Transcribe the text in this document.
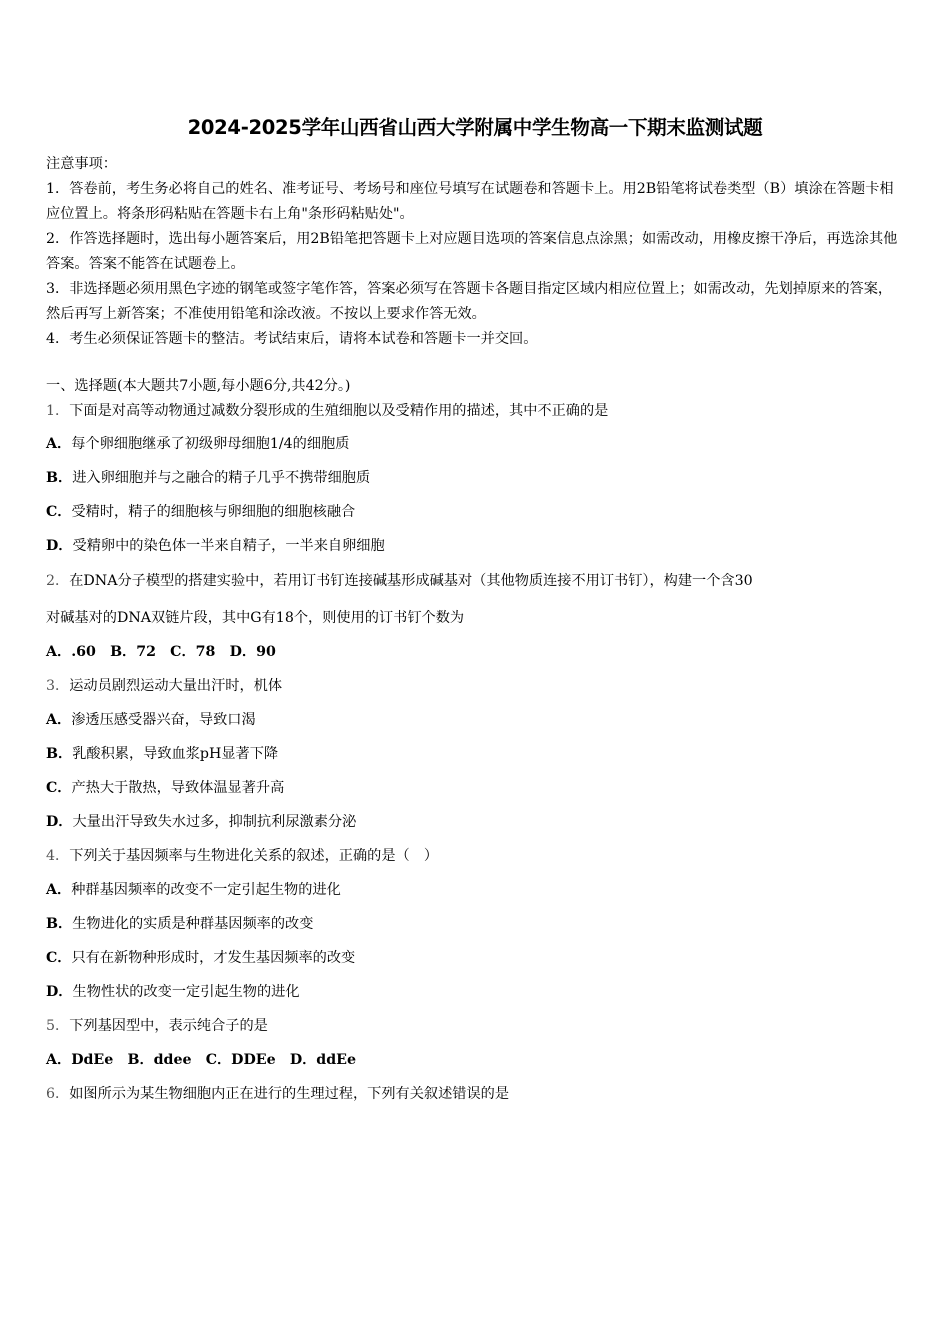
2024-2025学年山西省山西大学附属中学生物高一下期末监测试题

注意事项：

1．答卷前，考生务必将自己的姓名、准考证号、考场号和座位号填写在试题卷和答题卡上。用2B铅笔将试卷类型（B）填涂在答题卡相应位置上。将条形码粘贴在答题卡右上角"条形码粘贴处"。

2．作答选择题时，选出每小题答案后，用2B铅笔把答题卡上对应题目选项的答案信息点涂黑；如需改动，用橡皮擦干净后，再选涂其他答案。答案不能答在试题卷上。

3．非选择题必须用黑色字迹的钢笔或签字笔作答，答案必须写在答题卡各题目指定区域内相应位置上；如需改动，先划掉原来的答案，然后再写上新答案；不准使用铅笔和涂改液。不按以上要求作答无效。

4．考生必须保证答题卡的整洁。考试结束后，请将本试卷和答题卡一并交回。

一、选择题(本大题共7小题,每小题6分,共42分。)
1．下面是对高等动物通过减数分裂形成的生殖细胞以及受精作用的描述，其中不正确的是
A．每个卵细胞继承了初级卵母细胞1/4的细胞质
B．进入卵细胞并与之融合的精子几乎不携带细胞质
C．受精时，精子的细胞核与卵细胞的细胞核融合
D．受精卵中的染色体一半来自精子，一半来自卵细胞
2．在DNA分子模型的搭建实验中，若用订书钉连接碱基形成碱基对（其他物质连接不用订书钉），构建一个含30
对碱基对的DNA双链片段，其中G有18个，则使用的订书钉个数为
A．.60　B．72　C．78　D．90
3．运动员剧烈运动大量出汗时，机体
A．渗透压感受器兴奋，导致口渴
B．乳酸积累，导致血浆pH显著下降
C．产热大于散热，导致体温显著升高
D．大量出汗导致失水过多，抑制抗利尿激素分泌
4．下列关于基因频率与生物进化关系的叙述，正确的是（　）
A．种群基因频率的改变不一定引起生物的进化
B．生物进化的实质是种群基因频率的改变
C．只有在新物种形成时，才发生基因频率的改变
D．生物性状的改变一定引起生物的进化
5．下列基因型中，表示纯合子的是
A．DdEe　B．ddee　C．DDEe　D．ddEe
6．如图所示为某生物细胞内正在进行的生理过程，下列有关叙述错误的是
